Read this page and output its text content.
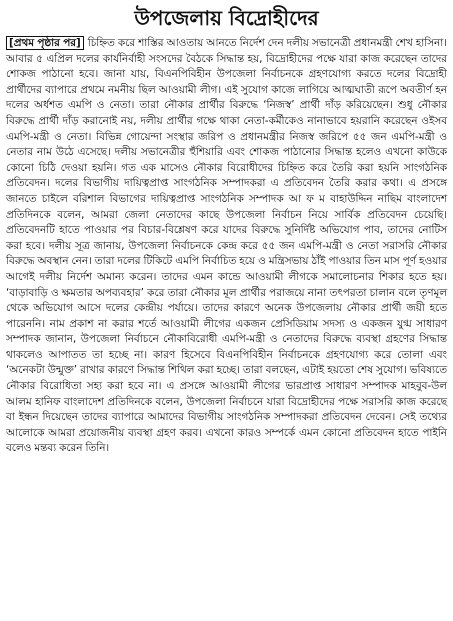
উপজেলায় বিদ্রোহীদের

[প্রথম পৃষ্ঠার পর] চিহ্নিত করে শাস্তির আওতায় আনতে নির্দেশ দেন দলীয় সভানেত্রী প্রধানমন্ত্রী শেখ হাসিনা। আবার ৫ এপ্রিল দলের কার্যনির্বাহী সংসদের বৈঠকে সিদ্ধান্ত হয়, বিদ্রোহীদের পক্ষে যারা কাজ করেছেন তাদের শোকজ পাঠানো হবে। জানা যায়, বিএনপিবিহীন উপজেলা নির্বাচনকে গ্রহণযোগ্য করতে দলের বিদ্রোহী প্রার্থীদের ব্যাপারে প্রথমে নমনীয় ছিল আওয়ামী লীগ। এই সুযোগ কাজে লাগিয়ে আত্মঘাতী রূপে অবতীর্ণ হন দলের অর্ধশত এমপি ও নেতা। তারা নৌকার প্রার্থীর বিরুদ্ধে ‘নিজস্ব’ প্রার্থী দাঁড় করিয়েছেন। শুধু নৌকার বিরুদ্ধে প্রার্থী দাঁড় করানোই নয়, দলীয় প্রার্থীর গক্ষে থাকা নেতা-কর্মীকেও নানাভাবে হয়রানি করেছেন ওইসব এমপি-মন্ত্রী ও নেতা। বিভিন্ন গোয়েন্দা সংস্থার জরিপ ও প্রধানমন্ত্রীর নিজস্ব জরিপে ৫৫ জন এমপি-মন্ত্রী ও নেতার নাম উঠে এসেছে। দলীয় সভানেত্রীর হুঁশিয়ারি এবং শোকজ পাঠানোর সিদ্ধান্ত হলেও এখনো কাউকে কোনো চিঠি দেওয়া হয়নি। গত এক মাসেও নৌকার বিরোধীদের চিহ্নিত করে তৈরি করা হয়নি সাংগঠনিক প্রতিবেদন। দলের বিভাগীয় দায়িত্বপ্রাপ্ত সাংগঠনিক সম্পাদকরা এ প্রতিবেদন তৈরি করার কথা। এ প্রসঙ্গে জানতে চাইলে বরিশাল বিভাগের দায়িত্বপ্রাপ্ত সাংগঠনিক সম্পাদক আ ফ ম বাহাউদ্দিন নাছিম বাংলাদেশ প্রতিদিনকে বলেন, আমরা জেলা নেতাদের কাছে উপজেলা নির্বাচন নিয়ে সার্বিক প্রতিবেদন চেয়েছি। প্রতিবেদনটি হাতে পাওয়ার পর বিচার-বিশ্লেষণ করে যাদের বিরুদ্ধে সুনির্দিষ্ট অভিযোগ পাব, তাদের নোটিস করা হবে। দলীয় সূত্র জানায়, উপজেলা নির্বাচনকে কেন্দ্র করে ৫৫ জন এমপি-মন্ত্রী ও নেতা সরাসরি নৌকার বিরুদ্ধে অবস্থান নেন। তারা দলের টিকিটে এমপি নির্বাচিত হয়ে ও মন্ত্রিসভায় ঠাঁই পাওয়ার তিন মাস পূর্ণ হওয়ার আগেই দলীয় নির্দেশ অমান্য করেন। তাদের এমন কান্ডে আওয়ামী লীগকে সমালোচনার শিকার হতে হয়। ‘বাড়াবাড়ি ও ক্ষমতার অপব্যবহার’ করে তারা নৌকার মূল প্রার্থীর পরাজয়ে নানা তৎপরতা চালান বলে তৃণমূল থেকে অভিযোগ আসে দলের কেন্দ্রীয় পর্যায়ে। তাদের কারণে অনেক উপজেলায় নৌকার প্রার্থী জয়ী হতে পারেননি। নাম প্রকাশ না করার শর্তে আওয়ামী লীগের একজন প্রেসিডিয়াম সদস্য ও একজন যুগ্ম সাধারণ সম্পাদক জানান, উপজেলা নির্বাচনে নৌকাবিরোধী এমপি-মন্ত্রী ও নেতাদের বিরুদ্ধে ব্যবস্থা গ্রহণের সিদ্ধান্ত থাকলেও আপাতত তা হচ্ছে না। কারণ হিসেবে বিএনপিবিহীন নির্বাচনকে গ্রহণযোগ্য করে তোলা এবং ‘অনেকটা উন্মুক্ত’ রাখার কারণে সিদ্ধান্ত শিথিল করা হচ্ছে। তারা বলছেন, এটাই হয়তো শেষ সুযোগ। ভবিষ্যতে নৌকার বিরোধিতা সহ্য করা হবে না। এ প্রসঙ্গে আওয়ামী লীগের ভারপ্রাপ্ত সাধারণ সম্পাদক মাহবুব-উল আলম হানিফ বাংলাদেশ প্রতিদিনকে বলেন, উপজেলা নির্বাচনে যারা বিদ্রোহীদের পক্ষে সরাসরি কাজ করেছে বা ইন্ধন দিয়েছেন তাদের ব্যাপারে আমাদের বিভাগীয় সাংগঠনিক সম্পাদকরা প্রতিবেদন দেবেন। সেই তথ্যের আলোকে আমরা প্রয়োজনীয় ব্যবস্থা গ্রহণ করব। এখনো কারও সম্পর্কে এমন কোনো প্রতিবেদন হাতে পাইনি বলেও মন্তব্য করেন তিনি।
